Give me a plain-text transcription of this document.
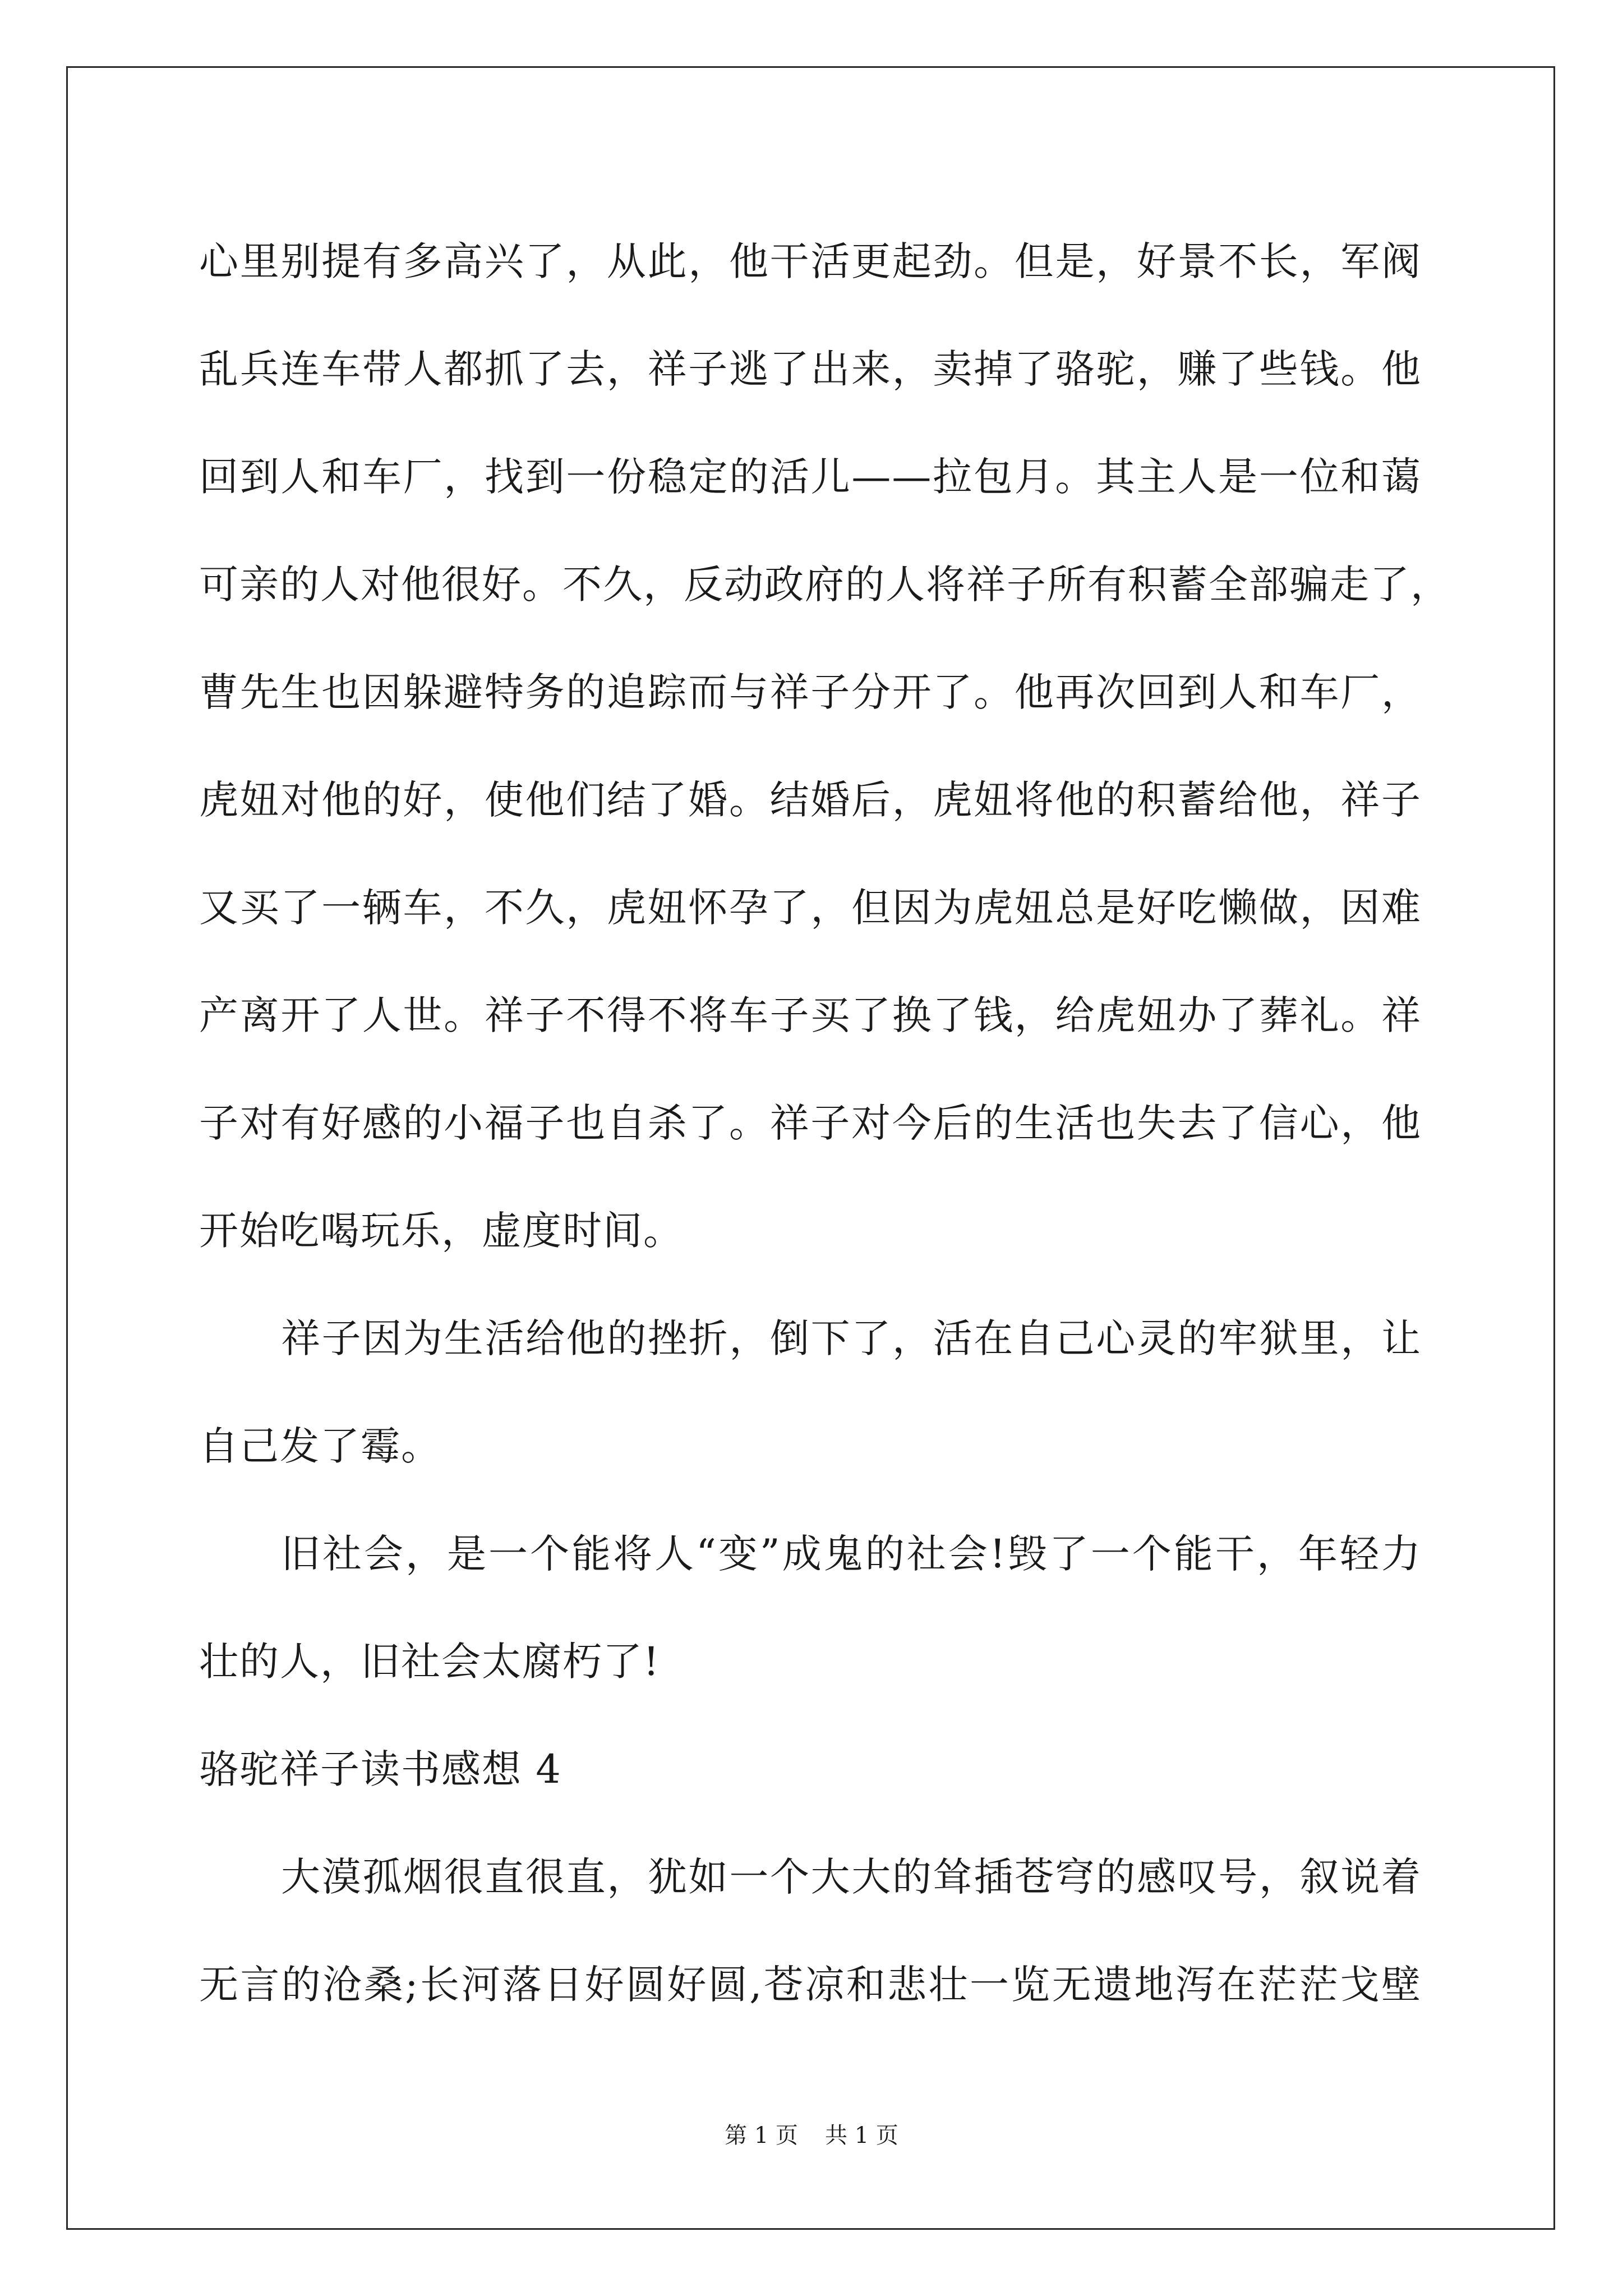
心里别提有多高兴了，从此，他干活更起劲。但是，好景不长，军阀
乱兵连车带人都抓了去，祥子逃了出来，卖掉了骆驼，赚了些钱。他
回到人和车厂，找到一份稳定的活儿——拉包月。其主人是一位和蔼
可亲的人对他很好。不久，反动政府的人将祥子所有积蓄全部骗走了，
曹先生也因躲避特务的追踪而与祥子分开了。他再次回到人和车厂，
虎妞对他的好，使他们结了婚。结婚后，虎妞将他的积蓄给他，祥子
又买了一辆车，不久，虎妞怀孕了，但因为虎妞总是好吃懒做，因难
产离开了人世。祥子不得不将车子买了换了钱，给虎妞办了葬礼。祥
子对有好感的小福子也自杀了。祥子对今后的生活也失去了信心，他
开始吃喝玩乐，虚度时间。
祥子因为生活给他的挫折，倒下了，活在自己心灵的牢狱里，让
自己发了霉。
旧社会，是一个能将人“变”成鬼的社会!毁了一个能干，年轻力
壮的人，旧社会太腐朽了!
骆驼祥子读书感想 4
大漠孤烟很直很直，犹如一个大大的耸插苍穹的感叹号，叙说着
无言的沧桑;长河落日好圆好圆,苍凉和悲壮一览无遗地泻在茫茫戈壁
第 1 页 共 1 页
